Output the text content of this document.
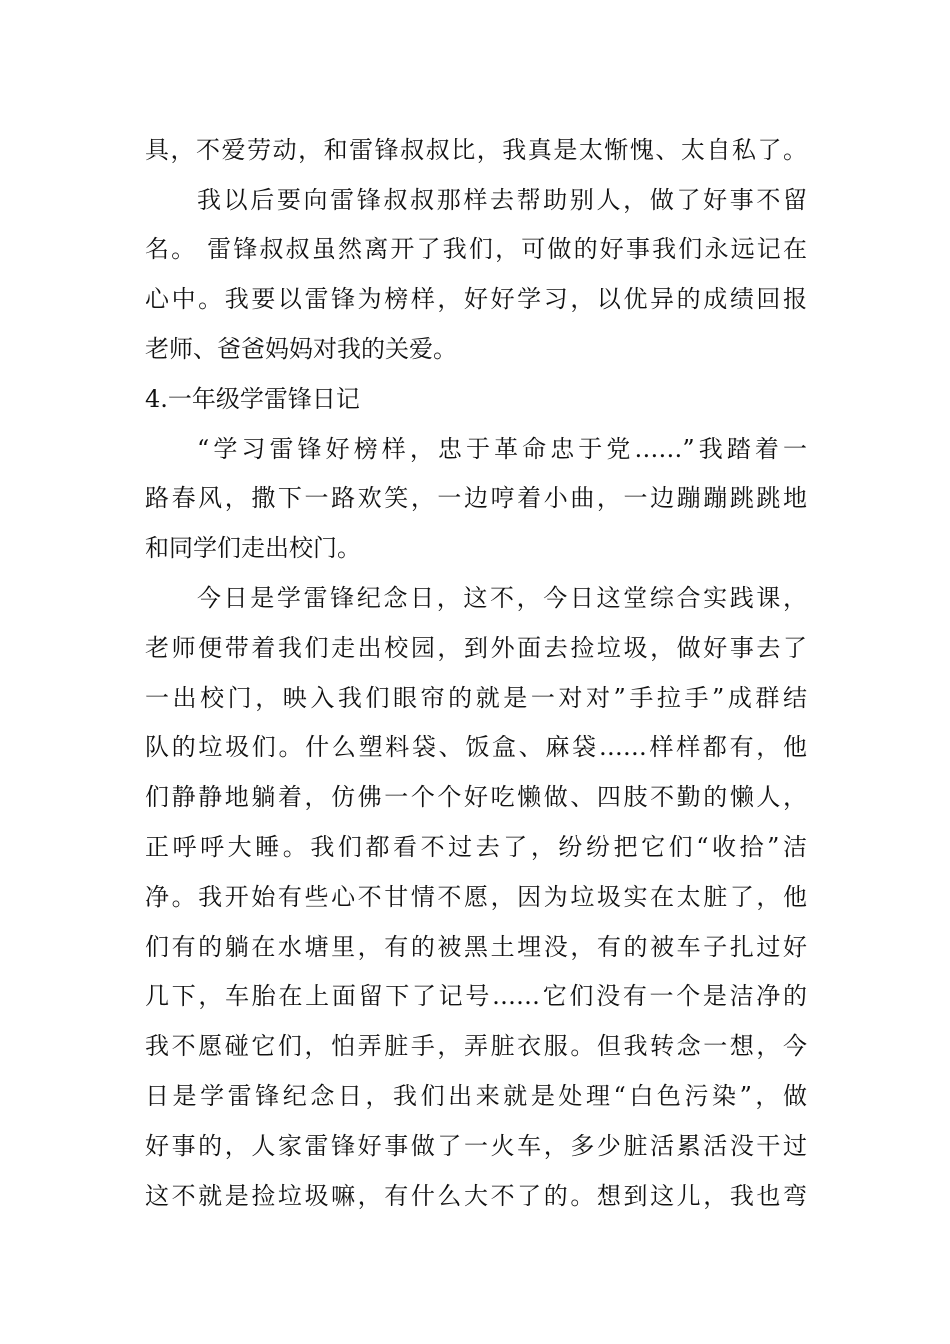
具，不爱劳动，和雷锋叔叔比，我真是太惭愧、太自私了。
我以后要向雷锋叔叔那样去帮助别人，做了好事不留
名。 雷锋叔叔虽然离开了我们，可做的好事我们永远记在
心中。我要以雷锋为榜样，好好学习，以优异的成绩回报
老师、爸爸妈妈对我的关爱。
4.一年级学雷锋日记
“学习雷锋好榜样，忠于革命忠于党……”我踏着一
路春风，撒下一路欢笑，一边哼着小曲，一边蹦蹦跳跳地
和同学们走出校门。
今日是学雷锋纪念日，这不，今日这堂综合实践课，
老师便带着我们走出校园，到外面去捡垃圾，做好事去了
一出校门，映入我们眼帘的就是一对对”手拉手”成群结
队的垃圾们。什么塑料袋、饭盒、麻袋……样样都有，他
们静静地躺着，仿佛一个个好吃懒做、四肢不勤的懒人，
正呼呼大睡。我们都看不过去了，纷纷把它们“收拾”洁
净。我开始有些心不甘情不愿，因为垃圾实在太脏了，他
们有的躺在水塘里，有的被黑土埋没，有的被车子扎过好
几下，车胎在上面留下了记号……它们没有一个是洁净的
我不愿碰它们，怕弄脏手，弄脏衣服。但我转念一想，今
日是学雷锋纪念日，我们出来就是处理“白色污染”，做
好事的，人家雷锋好事做了一火车，多少脏活累活没干过
这不就是捡垃圾嘛，有什么大不了的。想到这儿，我也弯
